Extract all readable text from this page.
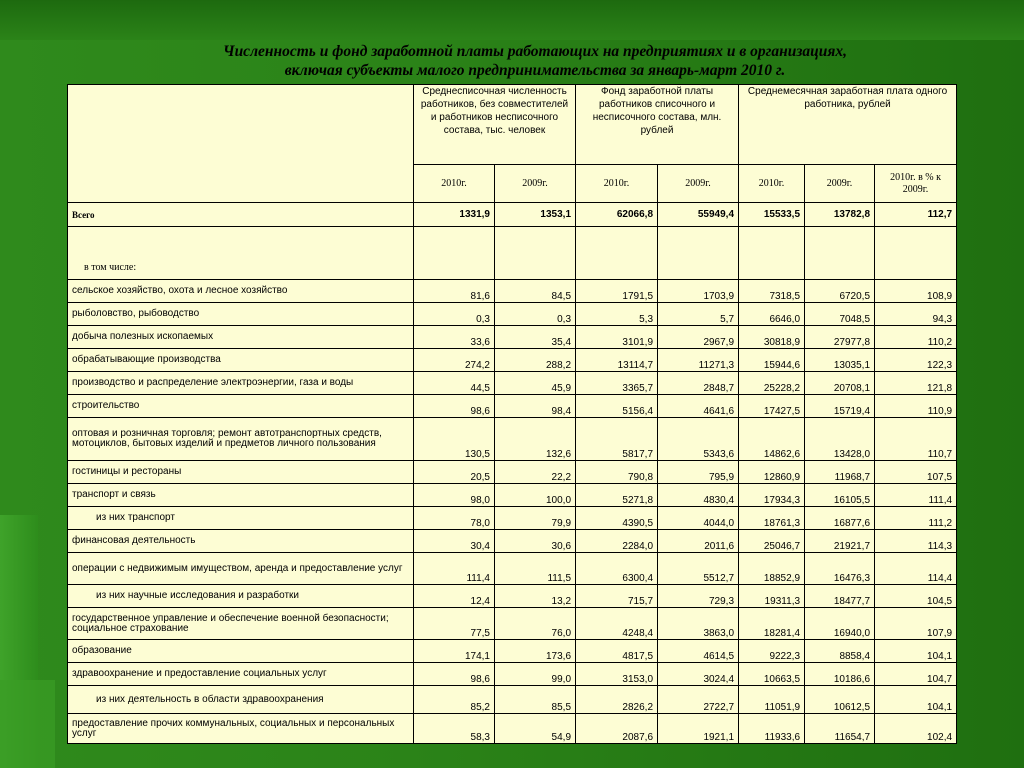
Численность и фонд заработной платы работающих на предприятиях и в организациях,
включая субъекты малого предпринимательства за январь-март 2010 г.
	Среднесписочная численность работников, без совместителей и работников несписочного состава, тыс. человек		Фонд заработной платы работников списочного и несписочного состава, млн. рублей		Среднемесячная заработная плата одного работника, рублей		
	2010г.	2009г.	2010г.	2009г.	2010г.	2009г.	2010г. в % к 2009г.
Всего	1331,9	1353,1	62066,8	55949,4	15533,5	13782,8	112,7
в том числе:							
сельское хозяйство, охота и лесное хозяйство	81,6	84,5	1791,5	1703,9	7318,5	6720,5	108,9
рыболовство, рыбоводство	0,3	0,3	5,3	5,7	6646,0	7048,5	94,3
добыча полезных ископаемых	33,6	35,4	3101,9	2967,9	30818,9	27977,8	110,2
обрабатывающие производства	274,2	288,2	13114,7	11271,3	15944,6	13035,1	122,3
производство и распределение электроэнергии, газа и воды	44,5	45,9	3365,7	2848,7	25228,2	20708,1	121,8
строительство	98,6	98,4	5156,4	4641,6	17427,5	15719,4	110,9
оптовая и розничная торговля; ремонт автотранспортных средств, мотоциклов, бытовых изделий и предметов личного пользования	130,5	132,6	5817,7	5343,6	14862,6	13428,0	110,7
гостиницы и рестораны	20,5	22,2	790,8	795,9	12860,9	11968,7	107,5
транспорт и связь	98,0	100,0	5271,8	4830,4	17934,3	16105,5	111,4
из них транспорт	78,0	79,9	4390,5	4044,0	18761,3	16877,6	111,2
финансовая деятельность	30,4	30,6	2284,0	2011,6	25046,7	21921,7	114,3
операции с недвижимым имуществом, аренда и предоставление услуг	111,4	111,5	6300,4	5512,7	18852,9	16476,3	114,4
из них научные исследования и разработки	12,4	13,2	715,7	729,3	19311,3	18477,7	104,5
государственное управление и обеспечение военной безопасности; социальное страхование	77,5	76,0	4248,4	3863,0	18281,4	16940,0	107,9
образование	174,1	173,6	4817,5	4614,5	9222,3	8858,4	104,1
здравоохранение и предоставление социальных услуг	98,6	99,0	3153,0	3024,4	10663,5	10186,6	104,7
из них деятельность в области здравоохранения	85,2	85,5	2826,2	2722,7	11051,9	10612,5	104,1
предоставление прочих коммунальных, социальных и персональных услуг	58,3	54,9	2087,6	1921,1	11933,6	11654,7	102,4
